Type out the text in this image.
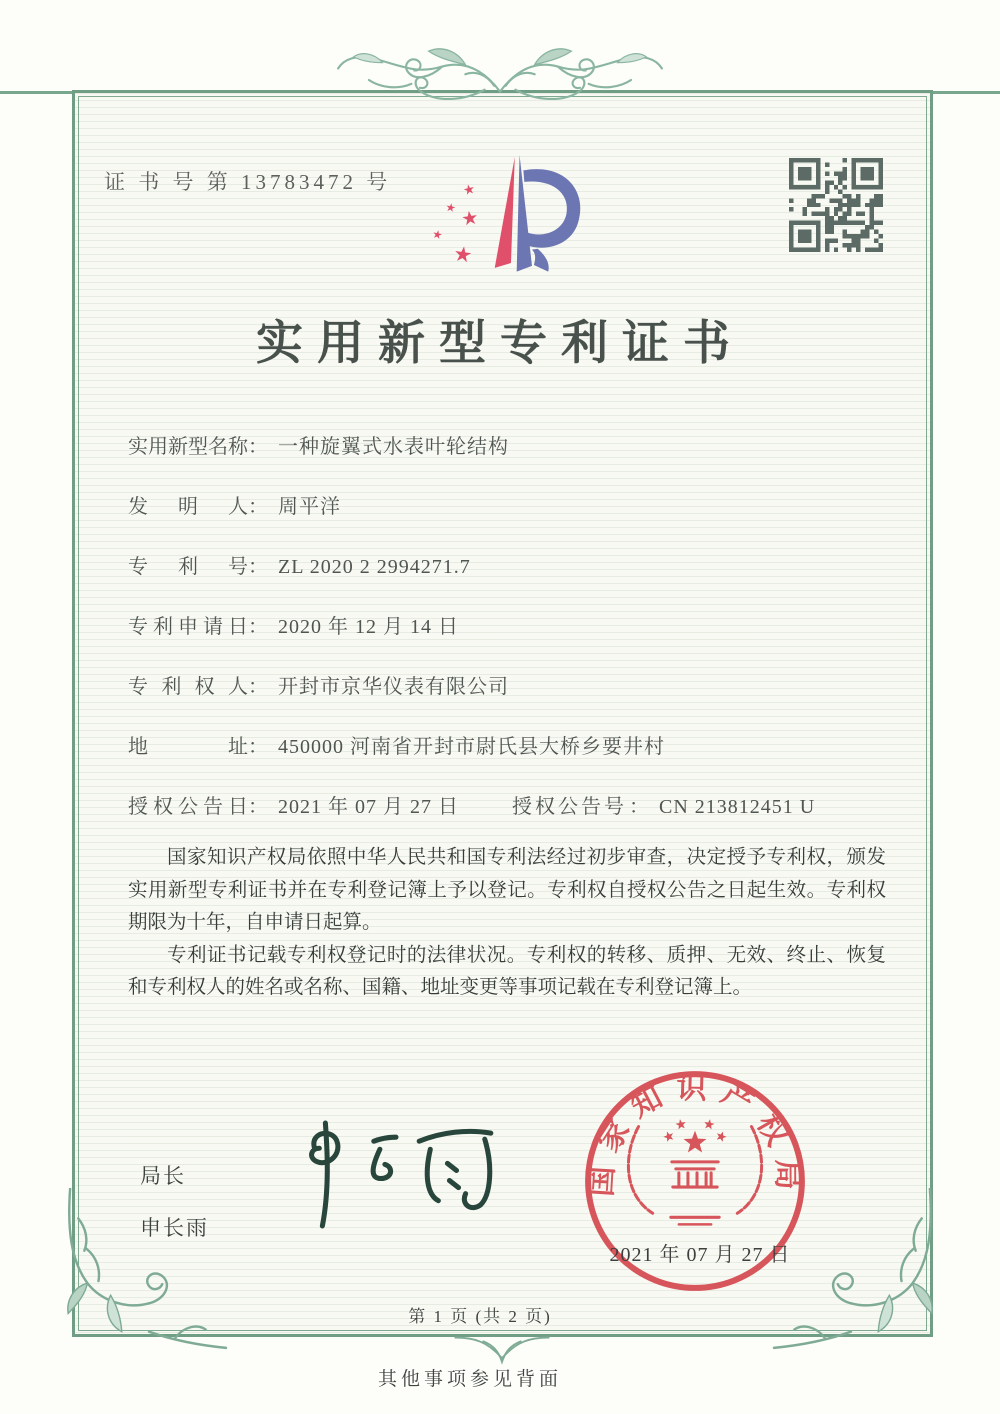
证 书 号 第 13783472 号	★
★ ★
★
★
实用新型专利证书
实用新型名称： 一种旋翼式水表叶轮结构
发明人： 周平洋
专利号： ZL 2020 2 2994271.7
专利申请日： 2020 年 12 月 14 日
专利权人： 开封市京华仪表有限公司
地址： 450000 河南省开封市尉氏县大桥乡要井村
授权公告日： 2021 年 07 月 27 日	授权公告号 ： CN 213812451 U

国家知识产权局依照中华人民共和国专利法经过初步审查，决定授予专利权，颁发实用新型专利证书并在专利登记簿上予以登记。专利权自授权公告之日起生效。专利权期限为十年，自申请日起算。

专利证书记载专利权登记时的法律状况。专利权的转移、质押、无效、终止、恢复和专利权人的姓名或名称、国籍、地址变更等事项记载在专利登记簿上。

局长
申长雨
国家知识产权局
2021 年 07 月 27 日
第 1 页 (共 2 页)
其他事项参见背面
